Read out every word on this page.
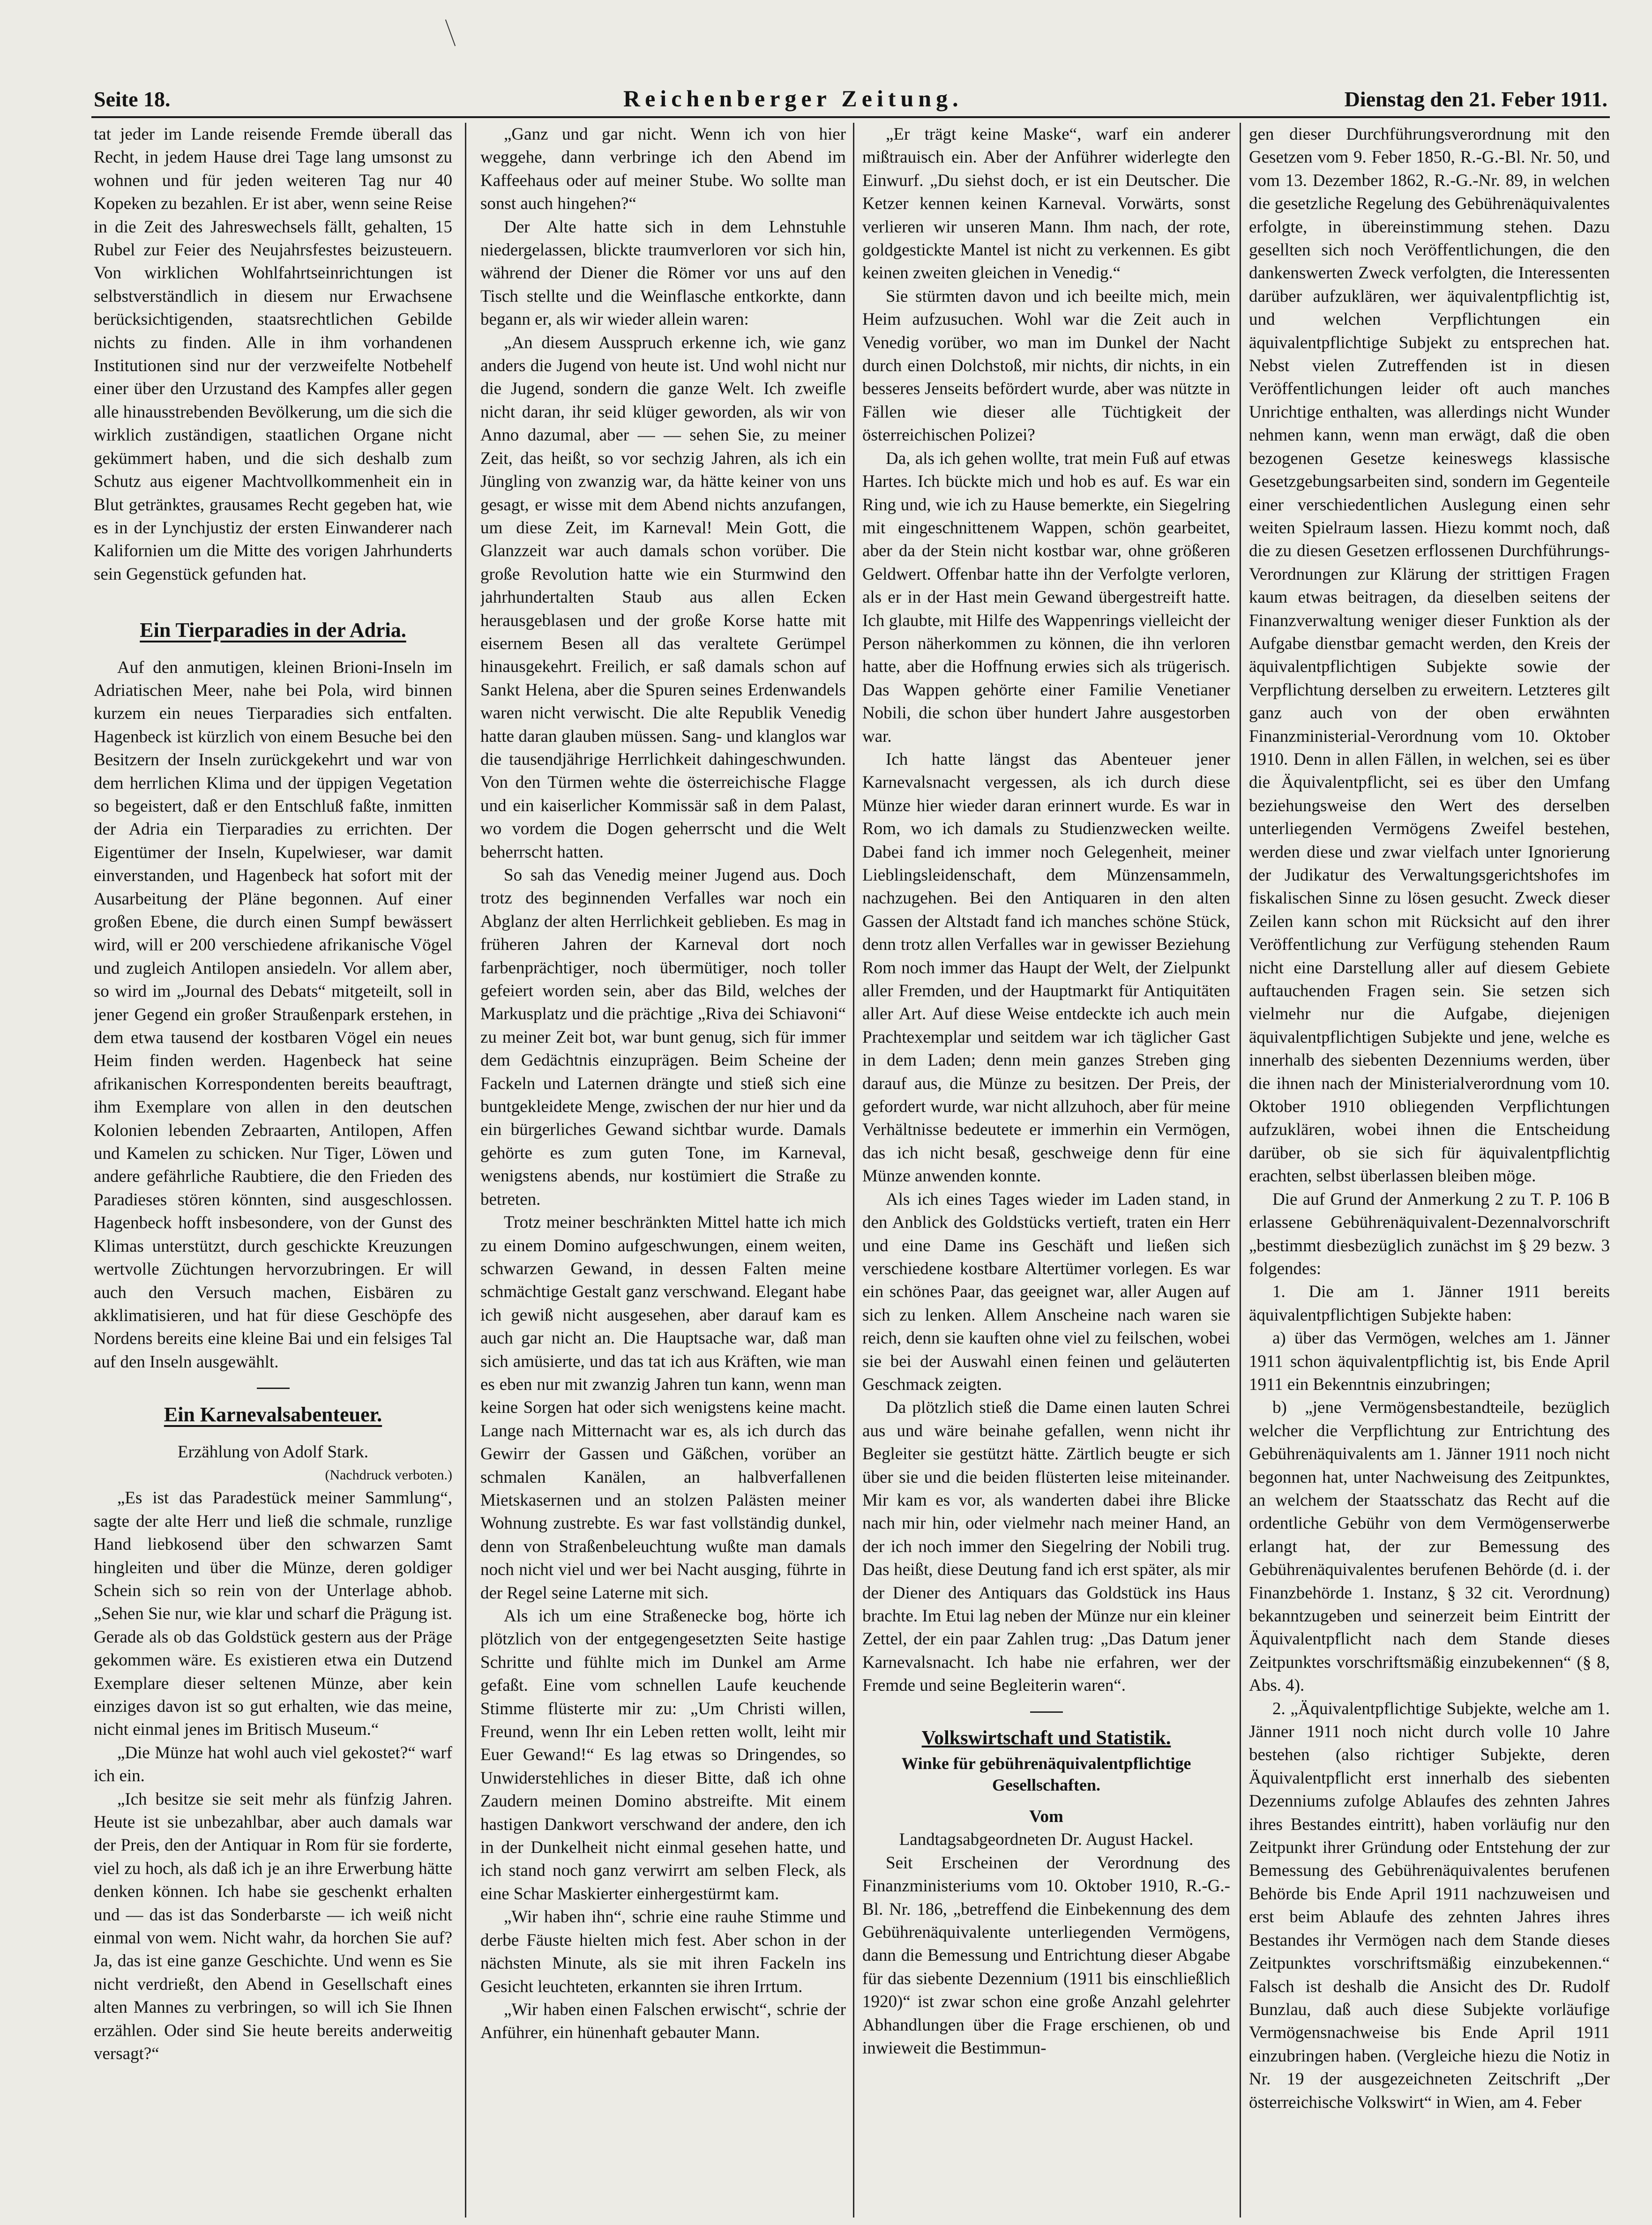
Seite 18.	Reichenberger Zeitung.	Dienstag den 21. Feber 1911.

tat jeder im Lande reisende Fremde überall das Recht, in jedem Hause drei Tage lang umsonst zu wohnen und für jeden weiteren Tag nur 40 Kopeken zu bezahlen. Er ist aber, wenn seine Reise in die Zeit des Jahreswechsels fällt, gehalten, 15 Rubel zur Feier des Neujahrsfestes beizusteuern. Von wirklichen Wohlfahrtseinrichtungen ist selbstverständlich in diesem nur Erwachsene berücksichtigenden, staatsrechtlichen Gebilde nichts zu finden. Alle in ihm vorhandenen Institutionen sind nur der verzweifelte Notbehelf einer über den Urzustand des Kampfes aller gegen alle hinausstrebenden Bevölkerung, um die sich die wirklich zuständigen, staatlichen Organe nicht gekümmert haben, und die sich deshalb zum Schutz aus eigener Machtvollkommenheit ein in Blut getränktes, grausames Recht gegeben hat, wie es in der Lynchjustiz der ersten Einwanderer nach Kalifornien um die Mitte des vorigen Jahrhunderts sein Gegenstück gefunden hat.

Ein Tierparadies in der Adria.

Auf den anmutigen, kleinen Brioni-Inseln im Adriatischen Meer, nahe bei Pola, wird binnen kurzem ein neues Tierparadies sich entfalten. Hagenbeck ist kürzlich von einem Besuche bei den Besitzern der Inseln zurückgekehrt und war von dem herrlichen Klima und der üppigen Vegetation so begeistert, daß er den Entschluß faßte, inmitten der Adria ein Tierparadies zu errichten. Der Eigentümer der Inseln, Kupelwieser, war damit einverstanden, und Hagenbeck hat sofort mit der Ausarbeitung der Pläne begonnen. Auf einer großen Ebene, die durch einen Sumpf bewässert wird, will er 200 verschiedene afrikanische Vögel und zugleich Antilopen ansiedeln. Vor allem aber, so wird im „Journal des Debats“ mitgeteilt, soll in jener Gegend ein großer Straußenpark erstehen, in dem etwa tausend der kostbaren Vögel ein neues Heim finden werden. Hagenbeck hat seine afrikanischen Korrespondenten bereits beauftragt, ihm Exemplare von allen in den deutschen Kolonien lebenden Zebraarten, Antilopen, Affen und Kamelen zu schicken. Nur Tiger, Löwen und andere gefährliche Raubtiere, die den Frieden des Paradieses stören könnten, sind ausgeschlossen. Hagenbeck hofft insbesondere, von der Gunst des Klimas unterstützt, durch geschickte Kreuzungen wertvolle Züchtungen hervorzubringen. Er will auch den Versuch machen, Eisbären zu akklimatisieren, und hat für diese Geschöpfe des Nordens bereits eine kleine Bai und ein felsiges Tal auf den Inseln ausgewählt.

Ein Karnevalsabenteuer.

Erzählung von Adolf Stark.

(Nachdruck verboten.)

„Es ist das Paradestück meiner Sammlung“, sagte der alte Herr und ließ die schmale, runzlige Hand liebkosend über den schwarzen Samt hingleiten und über die Münze, deren goldiger Schein sich so rein von der Unterlage abhob. „Sehen Sie nur, wie klar und scharf die Prägung ist. Gerade als ob das Goldstück gestern aus der Präge gekommen wäre. Es existieren etwa ein Dutzend Exemplare dieser seltenen Münze, aber kein einziges davon ist so gut erhalten, wie das meine, nicht einmal jenes im Britisch Museum.“

„Die Münze hat wohl auch viel gekostet?“ warf ich ein.

„Ich besitze sie seit mehr als fünfzig Jahren. Heute ist sie unbezahlbar, aber auch damals war der Preis, den der Antiquar in Rom für sie forderte, viel zu hoch, als daß ich je an ihre Erwerbung hätte denken können. Ich habe sie geschenkt erhalten und — das ist das Sonderbarste — ich weiß nicht einmal von wem. Nicht wahr, da horchen Sie auf? Ja, das ist eine ganze Geschichte. Und wenn es Sie nicht verdrießt, den Abend in Gesellschaft eines alten Mannes zu verbringen, so will ich Sie Ihnen erzählen. Oder sind Sie heute bereits anderweitig versagt?“

„Ganz und gar nicht. Wenn ich von hier weggehe, dann verbringe ich den Abend im Kaffeehaus oder auf meiner Stube. Wo sollte man sonst auch hingehen?“

Der Alte hatte sich in dem Lehnstuhle niedergelassen, blickte traumverloren vor sich hin, während der Diener die Römer vor uns auf den Tisch stellte und die Weinflasche entkorkte, dann begann er, als wir wieder allein waren:

„An diesem Ausspruch erkenne ich, wie ganz anders die Jugend von heute ist. Und wohl nicht nur die Jugend, sondern die ganze Welt. Ich zweifle nicht daran, ihr seid klüger geworden, als wir von Anno dazumal, aber — — sehen Sie, zu meiner Zeit, das heißt, so vor sechzig Jahren, als ich ein Jüngling von zwanzig war, da hätte keiner von uns gesagt, er wisse mit dem Abend nichts anzufangen, um diese Zeit, im Karneval! Mein Gott, die Glanzzeit war auch damals schon vorüber. Die große Revolution hatte wie ein Sturmwind den jahrhundertalten Staub aus allen Ecken herausgeblasen und der große Korse hatte mit eisernem Besen all das veraltete Gerümpel hinausgekehrt. Freilich, er saß damals schon auf Sankt Helena, aber die Spuren seines Erdenwandels waren nicht verwischt. Die alte Republik Venedig hatte daran glauben müssen. Sang- und klanglos war die tausendjährige Herrlichkeit dahingeschwunden. Von den Türmen wehte die österreichische Flagge und ein kaiserlicher Kommissär saß in dem Palast, wo vordem die Dogen geherrscht und die Welt beherrscht hatten.

So sah das Venedig meiner Jugend aus. Doch trotz des beginnenden Verfalles war noch ein Abglanz der alten Herrlichkeit geblieben. Es mag in früheren Jahren der Karneval dort noch farbenprächtiger, noch übermütiger, noch toller gefeiert worden sein, aber das Bild, welches der Markusplatz und die prächtige „Riva dei Schiavoni“ zu meiner Zeit bot, war bunt genug, sich für immer dem Gedächtnis einzuprägen. Beim Scheine der Fackeln und Laternen drängte und stieß sich eine buntgekleidete Menge, zwischen der nur hier und da ein bürgerliches Gewand sichtbar wurde. Damals gehörte es zum guten Tone, im Karneval, wenigstens abends, nur kostümiert die Straße zu betreten.

Trotz meiner beschränkten Mittel hatte ich mich zu einem Domino aufgeschwungen, einem weiten, schwarzen Gewand, in dessen Falten meine schmächtige Gestalt ganz verschwand. Elegant habe ich gewiß nicht ausgesehen, aber darauf kam es auch gar nicht an. Die Hauptsache war, daß man sich amüsierte, und das tat ich aus Kräften, wie man es eben nur mit zwanzig Jahren tun kann, wenn man keine Sorgen hat oder sich wenigstens keine macht. Lange nach Mitternacht war es, als ich durch das Gewirr der Gassen und Gäßchen, vorüber an schmalen Kanälen, an halbverfallenen Mietskasernen und an stolzen Palästen meiner Wohnung zustrebte. Es war fast vollständig dunkel, denn von Straßenbeleuchtung wußte man damals noch nicht viel und wer bei Nacht ausging, führte in der Regel seine Laterne mit sich.

Als ich um eine Straßenecke bog, hörte ich plötzlich von der entgegengesetzten Seite hastige Schritte und fühlte mich im Dunkel am Arme gefaßt. Eine vom schnellen Laufe keuchende Stimme flüsterte mir zu: „Um Christi willen, Freund, wenn Ihr ein Leben retten wollt, leiht mir Euer Gewand!“ Es lag etwas so Dringendes, so Unwiderstehliches in dieser Bitte, daß ich ohne Zaudern meinen Domino abstreifte. Mit einem hastigen Dankwort verschwand der andere, den ich in der Dunkelheit nicht einmal gesehen hatte, und ich stand noch ganz verwirrt am selben Fleck, als eine Schar Maskierter einhergestürmt kam.

„Wir haben ihn“, schrie eine rauhe Stimme und derbe Fäuste hielten mich fest. Aber schon in der nächsten Minute, als sie mit ihren Fackeln ins Gesicht leuchteten, erkannten sie ihren Irrtum.

„Wir haben einen Falschen erwischt“, schrie der Anführer, ein hünenhaft gebauter Mann.

„Er trägt keine Maske“, warf ein anderer mißtrauisch ein. Aber der Anführer widerlegte den Einwurf. „Du siehst doch, er ist ein Deutscher. Die Ketzer kennen keinen Karneval. Vorwärts, sonst verlieren wir unseren Mann. Ihm nach, der rote, goldgestickte Mantel ist nicht zu verkennen. Es gibt keinen zweiten gleichen in Venedig.“

Sie stürmten davon und ich beeilte mich, mein Heim aufzusuchen. Wohl war die Zeit auch in Venedig vorüber, wo man im Dunkel der Nacht durch einen Dolchstoß, mir nichts, dir nichts, in ein besseres Jenseits befördert wurde, aber was nützte in Fällen wie dieser alle Tüchtigkeit der österreichischen Polizei?

Da, als ich gehen wollte, trat mein Fuß auf etwas Hartes. Ich bückte mich und hob es auf. Es war ein Ring und, wie ich zu Hause bemerkte, ein Siegelring mit eingeschnittenem Wappen, schön gearbeitet, aber da der Stein nicht kostbar war, ohne größeren Geldwert. Offenbar hatte ihn der Verfolgte verloren, als er in der Hast mein Gewand übergestreift hatte. Ich glaubte, mit Hilfe des Wappenrings vielleicht der Person näherkommen zu können, die ihn verloren hatte, aber die Hoffnung erwies sich als trügerisch. Das Wappen gehörte einer Familie Venetianer Nobili, die schon über hundert Jahre ausgestorben war.

Ich hatte längst das Abenteuer jener Karnevalsnacht vergessen, als ich durch diese Münze hier wieder daran erinnert wurde. Es war in Rom, wo ich damals zu Studienzwecken weilte. Dabei fand ich immer noch Gelegenheit, meiner Lieblingsleidenschaft, dem Münzensammeln, nachzugehen. Bei den Antiquaren in den alten Gassen der Altstadt fand ich manches schöne Stück, denn trotz allen Verfalles war in gewisser Beziehung Rom noch immer das Haupt der Welt, der Zielpunkt aller Fremden, und der Hauptmarkt für Antiquitäten aller Art. Auf diese Weise entdeckte ich auch mein Prachtexemplar und seitdem war ich täglicher Gast in dem Laden; denn mein ganzes Streben ging darauf aus, die Münze zu besitzen. Der Preis, der gefordert wurde, war nicht allzuhoch, aber für meine Verhältnisse bedeutete er immerhin ein Vermögen, das ich nicht besaß, geschweige denn für eine Münze anwenden konnte.

Als ich eines Tages wieder im Laden stand, in den Anblick des Goldstücks vertieft, traten ein Herr und eine Dame ins Geschäft und ließen sich verschiedene kostbare Altertümer vorlegen. Es war ein schönes Paar, das geeignet war, aller Augen auf sich zu lenken. Allem Anscheine nach waren sie reich, denn sie kauften ohne viel zu feilschen, wobei sie bei der Auswahl einen feinen und geläuterten Geschmack zeigten.

Da plötzlich stieß die Dame einen lauten Schrei aus und wäre beinahe gefallen, wenn nicht ihr Begleiter sie gestützt hätte. Zärtlich beugte er sich über sie und die beiden flüsterten leise miteinander. Mir kam es vor, als wanderten dabei ihre Blicke nach mir hin, oder vielmehr nach meiner Hand, an der ich noch immer den Siegelring der Nobili trug. Das heißt, diese Deutung fand ich erst später, als mir der Diener des Antiquars das Goldstück ins Haus brachte. Im Etui lag neben der Münze nur ein kleiner Zettel, der ein paar Zahlen trug: „Das Datum jener Karnevalsnacht. Ich habe nie erfahren, wer der Fremde und seine Begleiterin waren“.

Volkswirtschaft und Statistik.
Winke für gebührenäquivalentpflichtige Gesellschaften.

Vom

Landtagsabgeordneten Dr. August Hackel.

Seit Erscheinen der Verordnung des Finanzministeriums vom 10. Oktober 1910, R.-G.-Bl. Nr. 186, „betreffend die Einbekennung des dem Gebührenäquivalente unterliegenden Vermögens, dann die Bemessung und Entrichtung dieser Abgabe für das siebente Dezennium (1911 bis einschließlich 1920)“ ist zwar schon eine große Anzahl gelehrter Abhandlungen über die Frage erschienen, ob und inwieweit die Bestimmun-

gen dieser Durchführungsverordnung mit den Gesetzen vom 9. Feber 1850, R.-G.-Bl. Nr. 50, und vom 13. Dezember 1862, R.-G.-Nr. 89, in welchen die gesetzliche Regelung des Gebührenäquivalentes erfolgte, in übereinstimmung stehen. Dazu gesellten sich noch Veröffentlichungen, die den dankenswerten Zweck verfolgten, die Interessenten darüber aufzuklären, wer äquivalentpflichtig ist, und welchen Verpflichtungen ein äquivalentpflichtige Subjekt zu entsprechen hat. Nebst vielen Zutreffenden ist in diesen Veröffentlichungen leider oft auch manches Unrichtige enthalten, was allerdings nicht Wunder nehmen kann, wenn man erwägt, daß die oben bezogenen Gesetze keineswegs klassische Gesetzgebungsarbeiten sind, sondern im Gegenteile einer verschiedentlichen Auslegung einen sehr weiten Spielraum lassen. Hiezu kommt noch, daß die zu diesen Gesetzen erflossenen Durchführungs-Verordnungen zur Klärung der strittigen Fragen kaum etwas beitragen, da dieselben seitens der Finanzverwaltung weniger dieser Funktion als der Aufgabe dienstbar gemacht werden, den Kreis der äquivalentpflichtigen Subjekte sowie der Verpflichtung derselben zu erweitern. Letzteres gilt ganz auch von der oben erwähnten Finanzministerial-Verordnung vom 10. Oktober 1910. Denn in allen Fällen, in welchen, sei es über die Äquivalentpflicht, sei es über den Umfang beziehungsweise den Wert des derselben unterliegenden Vermögens Zweifel bestehen, werden diese und zwar vielfach unter Ignorierung der Judikatur des Verwaltungsgerichtshofes im fiskalischen Sinne zu lösen gesucht. Zweck dieser Zeilen kann schon mit Rücksicht auf den ihrer Veröffentlichung zur Verfügung stehenden Raum nicht eine Darstellung aller auf diesem Gebiete auftauchenden Fragen sein. Sie setzen sich vielmehr nur die Aufgabe, diejenigen äquivalentpflichtigen Subjekte und jene, welche es innerhalb des siebenten Dezenniums werden, über die ihnen nach der Ministerialverordnung vom 10. Oktober 1910 obliegenden Verpflichtungen aufzuklären, wobei ihnen die Entscheidung darüber, ob sie sich für äquivalentpflichtig erachten, selbst überlassen bleiben möge.

Die auf Grund der Anmerkung 2 zu T. P. 106 B erlassene Gebührenäquivalent-Dezennalvorschrift „bestimmt diesbezüglich zunächst im § 29 bezw. 3 folgendes:

1. Die am 1. Jänner 1911 bereits äquivalentpflichtigen Subjekte haben:

a) über das Vermögen, welches am 1. Jänner 1911 schon äquivalentpflichtig ist, bis Ende April 1911 ein Bekenntnis einzubringen;

b) „jene Vermögensbestandteile, bezüglich welcher die Verpflichtung zur Entrichtung des Gebührenäquivalents am 1. Jänner 1911 noch nicht begonnen hat, unter Nachweisung des Zeitpunktes, an welchem der Staatsschatz das Recht auf die ordentliche Gebühr von dem Vermögenserwerbe erlangt hat, der zur Bemessung des Gebührenäquivalentes berufenen Behörde (d. i. der Finanzbehörde 1. Instanz, § 32 cit. Verordnung) bekanntzugeben und seinerzeit beim Eintritt der Äquivalentpflicht nach dem Stande dieses Zeitpunktes vorschriftsmäßig einzubekennen“ (§ 8, Abs. 4).

2. „Äquivalentpflichtige Subjekte, welche am 1. Jänner 1911 noch nicht durch volle 10 Jahre bestehen (also richtiger Subjekte, deren Äquivalentpflicht erst innerhalb des siebenten Dezenniums zufolge Ablaufes des zehnten Jahres ihres Bestandes eintritt), haben vorläufig nur den Zeitpunkt ihrer Gründung oder Entstehung der zur Bemessung des Gebührenäquivalentes berufenen Behörde bis Ende April 1911 nachzuweisen und erst beim Ablaufe des zehnten Jahres ihres Bestandes ihr Vermögen nach dem Stande dieses Zeitpunktes vorschriftsmäßig einzubekennen.“ Falsch ist deshalb die Ansicht des Dr. Rudolf Bunzlau, daß auch diese Subjekte vorläufige Vermögensnachweise bis Ende April 1911 einzubringen haben. (Vergleiche hiezu die Notiz in Nr. 19 der ausgezeichneten Zeitschrift „Der österreichische Volkswirt“ in Wien, am 4. Feber
